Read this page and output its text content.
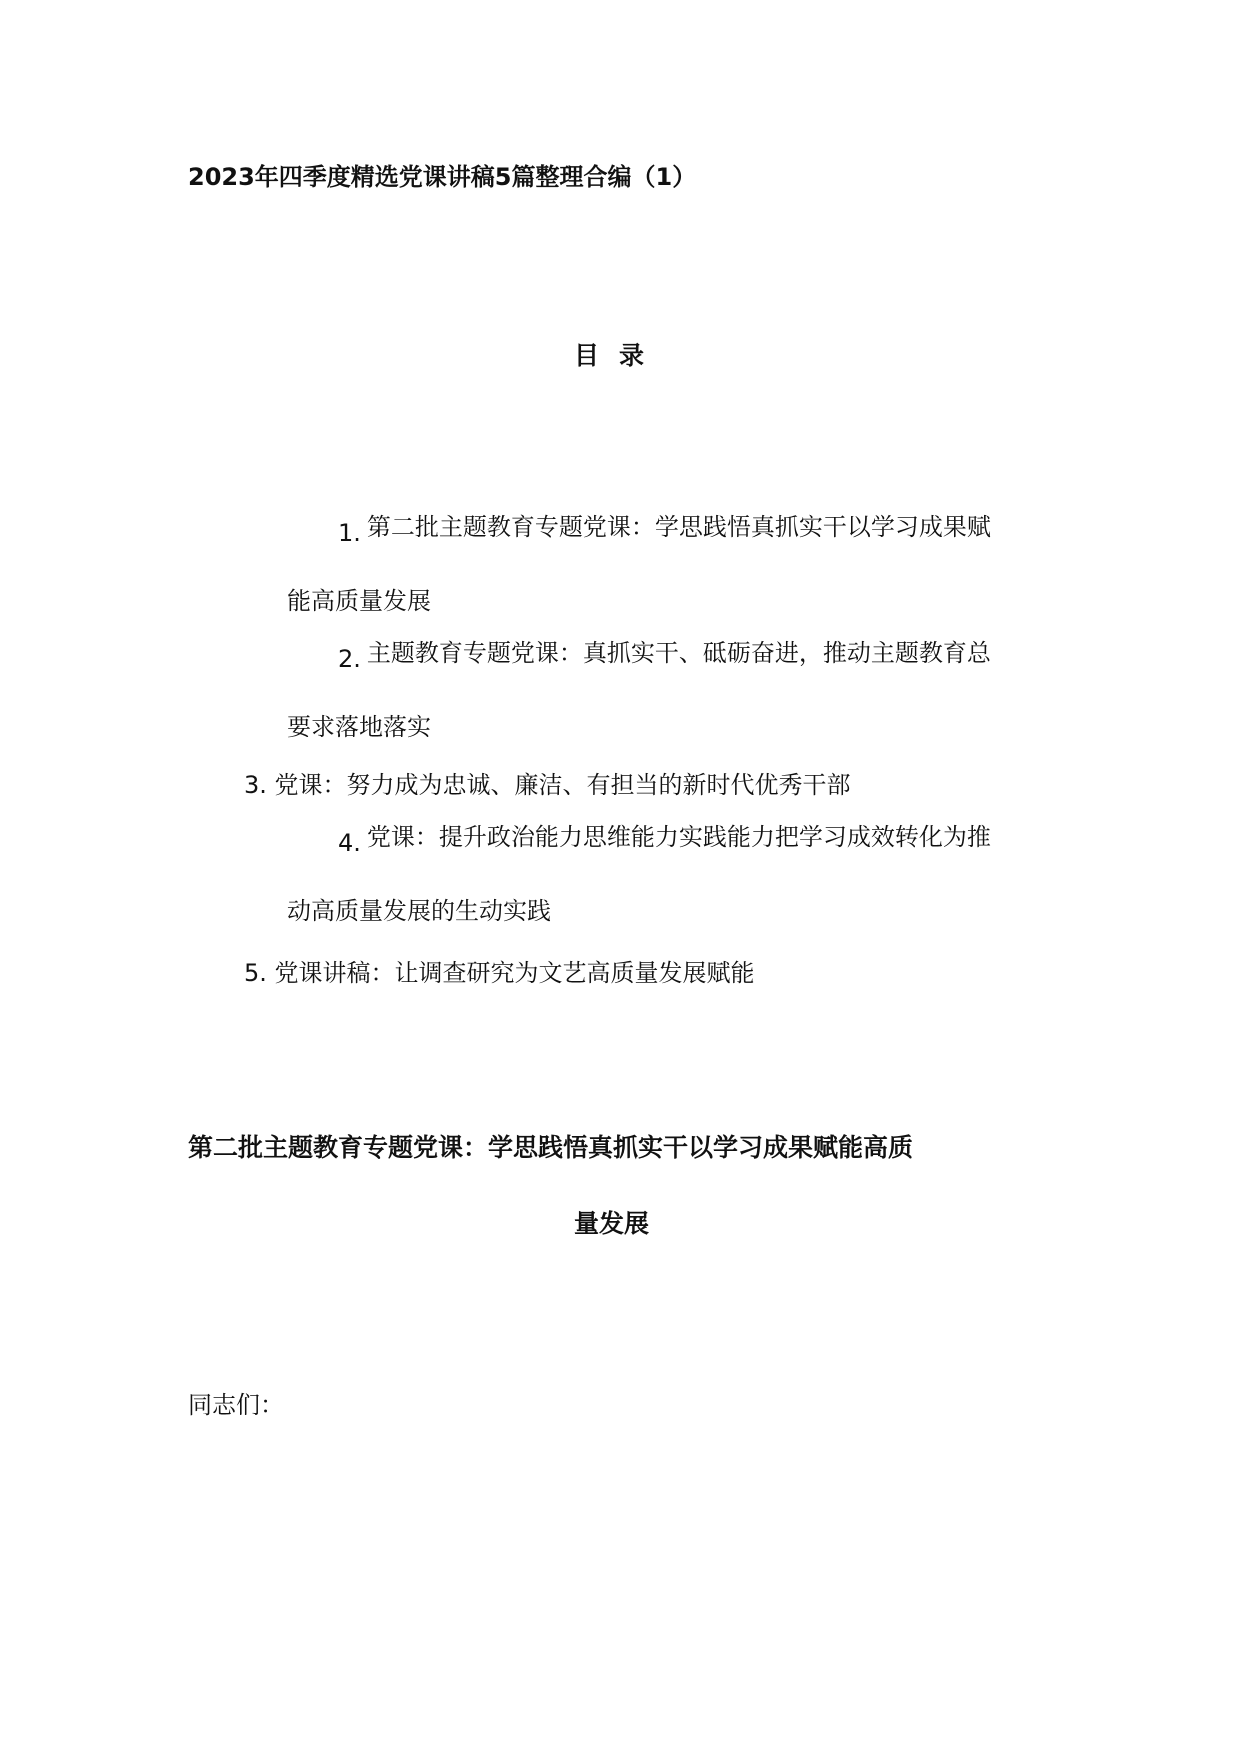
2023年四季度精选党课讲稿5篇整理合编（1）
目录
1. 第二批主题教育专题党课：学思践悟真抓实干以学习成果赋
能高质量发展
2. 主题教育专题党课：真抓实干、砥砺奋进，推动主题教育总
要求落地落实
3. 党课：努力成为忠诚、廉洁、有担当的新时代优秀干部
4. 党课：提升政治能力思维能力实践能力把学习成效转化为推
动高质量发展的生动实践
5. 党课讲稿：让调查研究为文艺高质量发展赋能
第二批主题教育专题党课：学思践悟真抓实干以学习成果赋能高质
量发展

同志们：
